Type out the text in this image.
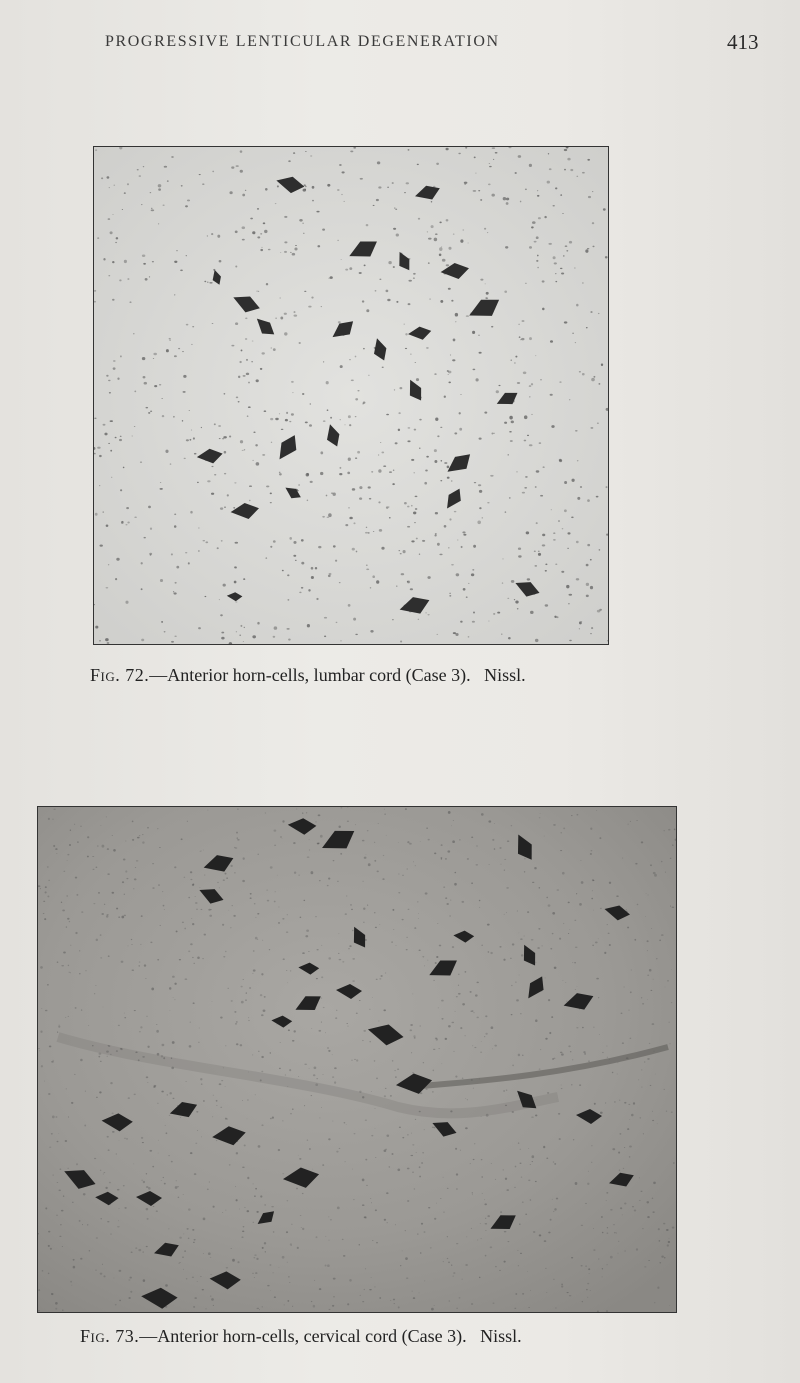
PROGRESSIVE LENTICULAR DEGENERATION	413
Fig. 72.—Anterior horn-cells, lumbar cord (Case 3). Nissl.
Fig. 73.—Anterior horn-cells, cervical cord (Case 3). Nissl.
